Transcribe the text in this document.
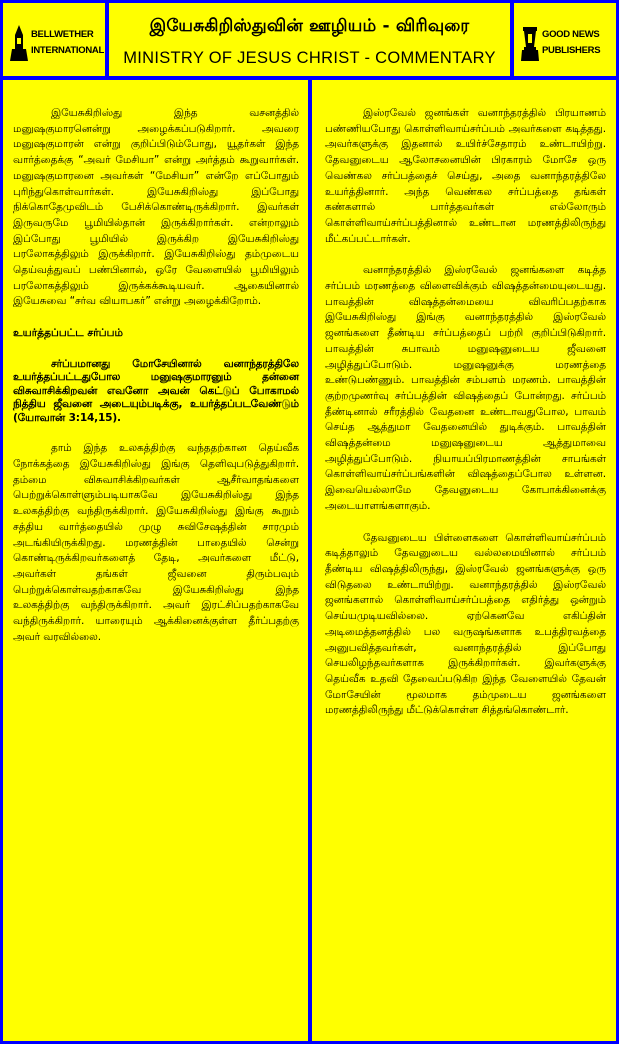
BELLWETHER INTERNATIONAL
இயேசுகிறிஸ்துவின் ஊழியம் - விரிவுரை
MINISTRY OF JESUS CHRIST - COMMENTARY
GOOD NEWS PUBLISHERS

இயேசுகிறிஸ்து இந்த வசனத்தில் மனுஷகுமாரனென்று அழைக்கப்படுகிறார். அவரை மனுஷகுமாரன் என்று குறிப்பிடும்போது, யூதர்கள் இந்த வார்த்தைக்கு “அவர் மேசியா” என்று அர்த்தம் கூறுவார்கள். மனுஷகுமாரனை அவர்கள் “மேசியா” என்றே எப்போதும் புரிந்துகொள்வார்கள். இயேசுகிறிஸ்து இப்போது நிக்கொதேமுவிடம் பேசிக்கொண்டிருக்கிறார். இவர்கள் இருவருமே பூமியில்தான் இருக்கிறார்கள். என்றாலும் இப்போது பூமியில் இருக்கிற இயேசுகிறிஸ்து பரலோகத்திலும் இருக்கிறார். இயேசுகிறிஸ்து தம்முடைய தெய்வத்துவப் பண்பினால், ஒரே வேளையில் பூமியிலும் பரலோகத்திலும் இருக்கக்கூடியவர். ஆகையினால் இயேசுவை “சர்வ வியாபகர்” என்று அழைக்கிறோம்.

உயர்த்தப்பட்ட சர்ப்பம்

சர்ப்பமானது மோசேயினால் வனாந்தரத்திலே உயர்த்தப்பட்டதுபோல மனுஷகுமாரனும் தன்னை விசுவாசிக்கிறவன் எவனோ அவன் கெட்டுப் போகாமல் நித்திய ஜீவனை அடையும்படிக்கு, உயர்த்தப்படவேண்டும் (யோவான் 3:14,15).

தாம் இந்த உலகத்திற்கு வந்ததற்கான தெய்வீக நோக்கத்தை இயேசுகிறிஸ்து இங்கு தெளிவுபடுத்துகிறார். தம்மை விசுவாசிக்கிறவர்கள் ஆசீர்வாதங்களை பெற்றுக்கொள்ளும்படியாகவே இயேசுகிறிஸ்து இந்த உலகத்திற்கு வந்திருக்கிறார். இயேசுகிறிஸ்து இங்கு கூறும் சத்திய வார்த்தையில் முழு சுவிசேஷத்தின் சாரமும் அடங்கியிருக்கிறது. மரணத்தின் பாதையில் சென்று கொண்டிருக்கிறவர்களைத் தேடி, அவர்களை மீட்டு, அவர்கள் தங்கள் ஜீவனை திரும்பவும் பெற்றுக்கொள்வதற்காகவே இயேசுகிறிஸ்து இந்த உலகத்திற்கு வந்திருக்கிறார். அவர் இரட்சிப்பதற்காகவே வந்திருக்கிறார். யாரையும் ஆக்கினைக்குள்ள தீர்ப்பதற்கு அவர் வரவில்லை.

இஸ்ரவேல் ஜனங்கள் வனாந்தரத்தில் பிரயாணம் பண்ணியபோது கொள்ளிவாய்சர்ப்பம் அவர்களை கடித்தது. அவர்களுக்கு இதனால் உயிர்ச்சேதாரம் உண்டாயிற்று. தேவனுடைய ஆலோசனையின் பிரகாரம் மோசே ஒரு வெண்கல சர்ப்பத்தைச் செய்து, அதை வனாந்தரத்திலே உயர்த்தினார். அந்த வெண்கல சர்ப்பத்தை தங்கள் கண்களால் பார்த்தவர்கள் எல்லோரும் கொள்ளிவாய்சர்ப்பத்தினால் உண்டான மரணத்திலிருந்து மீட்கப்பட்டார்கள்.

வனாந்தரத்தில் இஸ்ரவேல் ஜனங்களை கடித்த சர்ப்பம் மரணத்தை விளைவிக்கும் விஷத்தன்மையுடையது. பாவத்தின் விஷத்தன்மையை விவரிப்பதற்காக இயேசுகிறிஸ்து இங்கு வனாந்தரத்தில் இஸ்ரவேல் ஜனங்களை தீண்டிய சர்ப்பத்தைப் பற்றி குறிப்பிடுகிறார். பாவத்தின் சுபாவம் மனுஷனுடைய ஜீவனை அழித்துப்போடும். மனுஷனுக்கு மரணத்தை உண்டுபண்ணும். பாவத்தின் சம்பளம் மரணம். பாவத்தின் குற்றமுணர்வு சர்ப்பத்தின் விஷத்தைப் போன்றது. சர்ப்பம் தீண்டினால் சரீரத்தில் வேதனை உண்டாவதுபோல, பாவம் செய்த ஆத்துமா வேதனையில் துடிக்கும். பாவத்தின் விஷத்தன்மை மனுஷனுடைய ஆத்துமாவை அழித்துப்போடும். நியாயப்பிரமாணத்தின் சாபங்கள் கொள்ளிவாய்சர்ப்பங்களின் விஷத்தைப்போல உள்ளன. இவையெல்லாமே தேவனுடைய கோபாக்கினைக்கு அடையாளங்களாகும்.

தேவனுடைய பிள்ளைகளை கொள்ளிவாய்சர்ப்பம் கடித்தாலும் தேவனுடைய வல்லமையினால் சர்ப்பம் தீண்டிய விஷத்திலிருந்து, இஸ்ரவேல் ஜனங்களுக்கு ஒரு விடுதலை உண்டாயிற்று. வனாந்தரத்தில் இஸ்ரவேல் ஜனங்களால் கொள்ளிவாய்சர்ப்பத்தை எதிர்த்து ஒன்றும் செய்யமுடியவில்லை. ஏற்கெனவே எகிப்தின் அடிமைத்தனத்தில் பல வருஷங்களாக உபத்திரவத்தை அனுபவித்தவர்கள், வனாந்தரத்தில் இப்போது செயலிழந்தவர்களாக இருக்கிறார்கள். இவர்களுக்கு தெய்வீக உதவி தேவைப்படுகிற இந்த வேளையில் தேவன் மோசேயின் மூலமாக தம்முடைய ஜனங்களை மரணத்திலிருந்து மீட்டுக்கொள்ள சித்தங்கொண்டார்.
